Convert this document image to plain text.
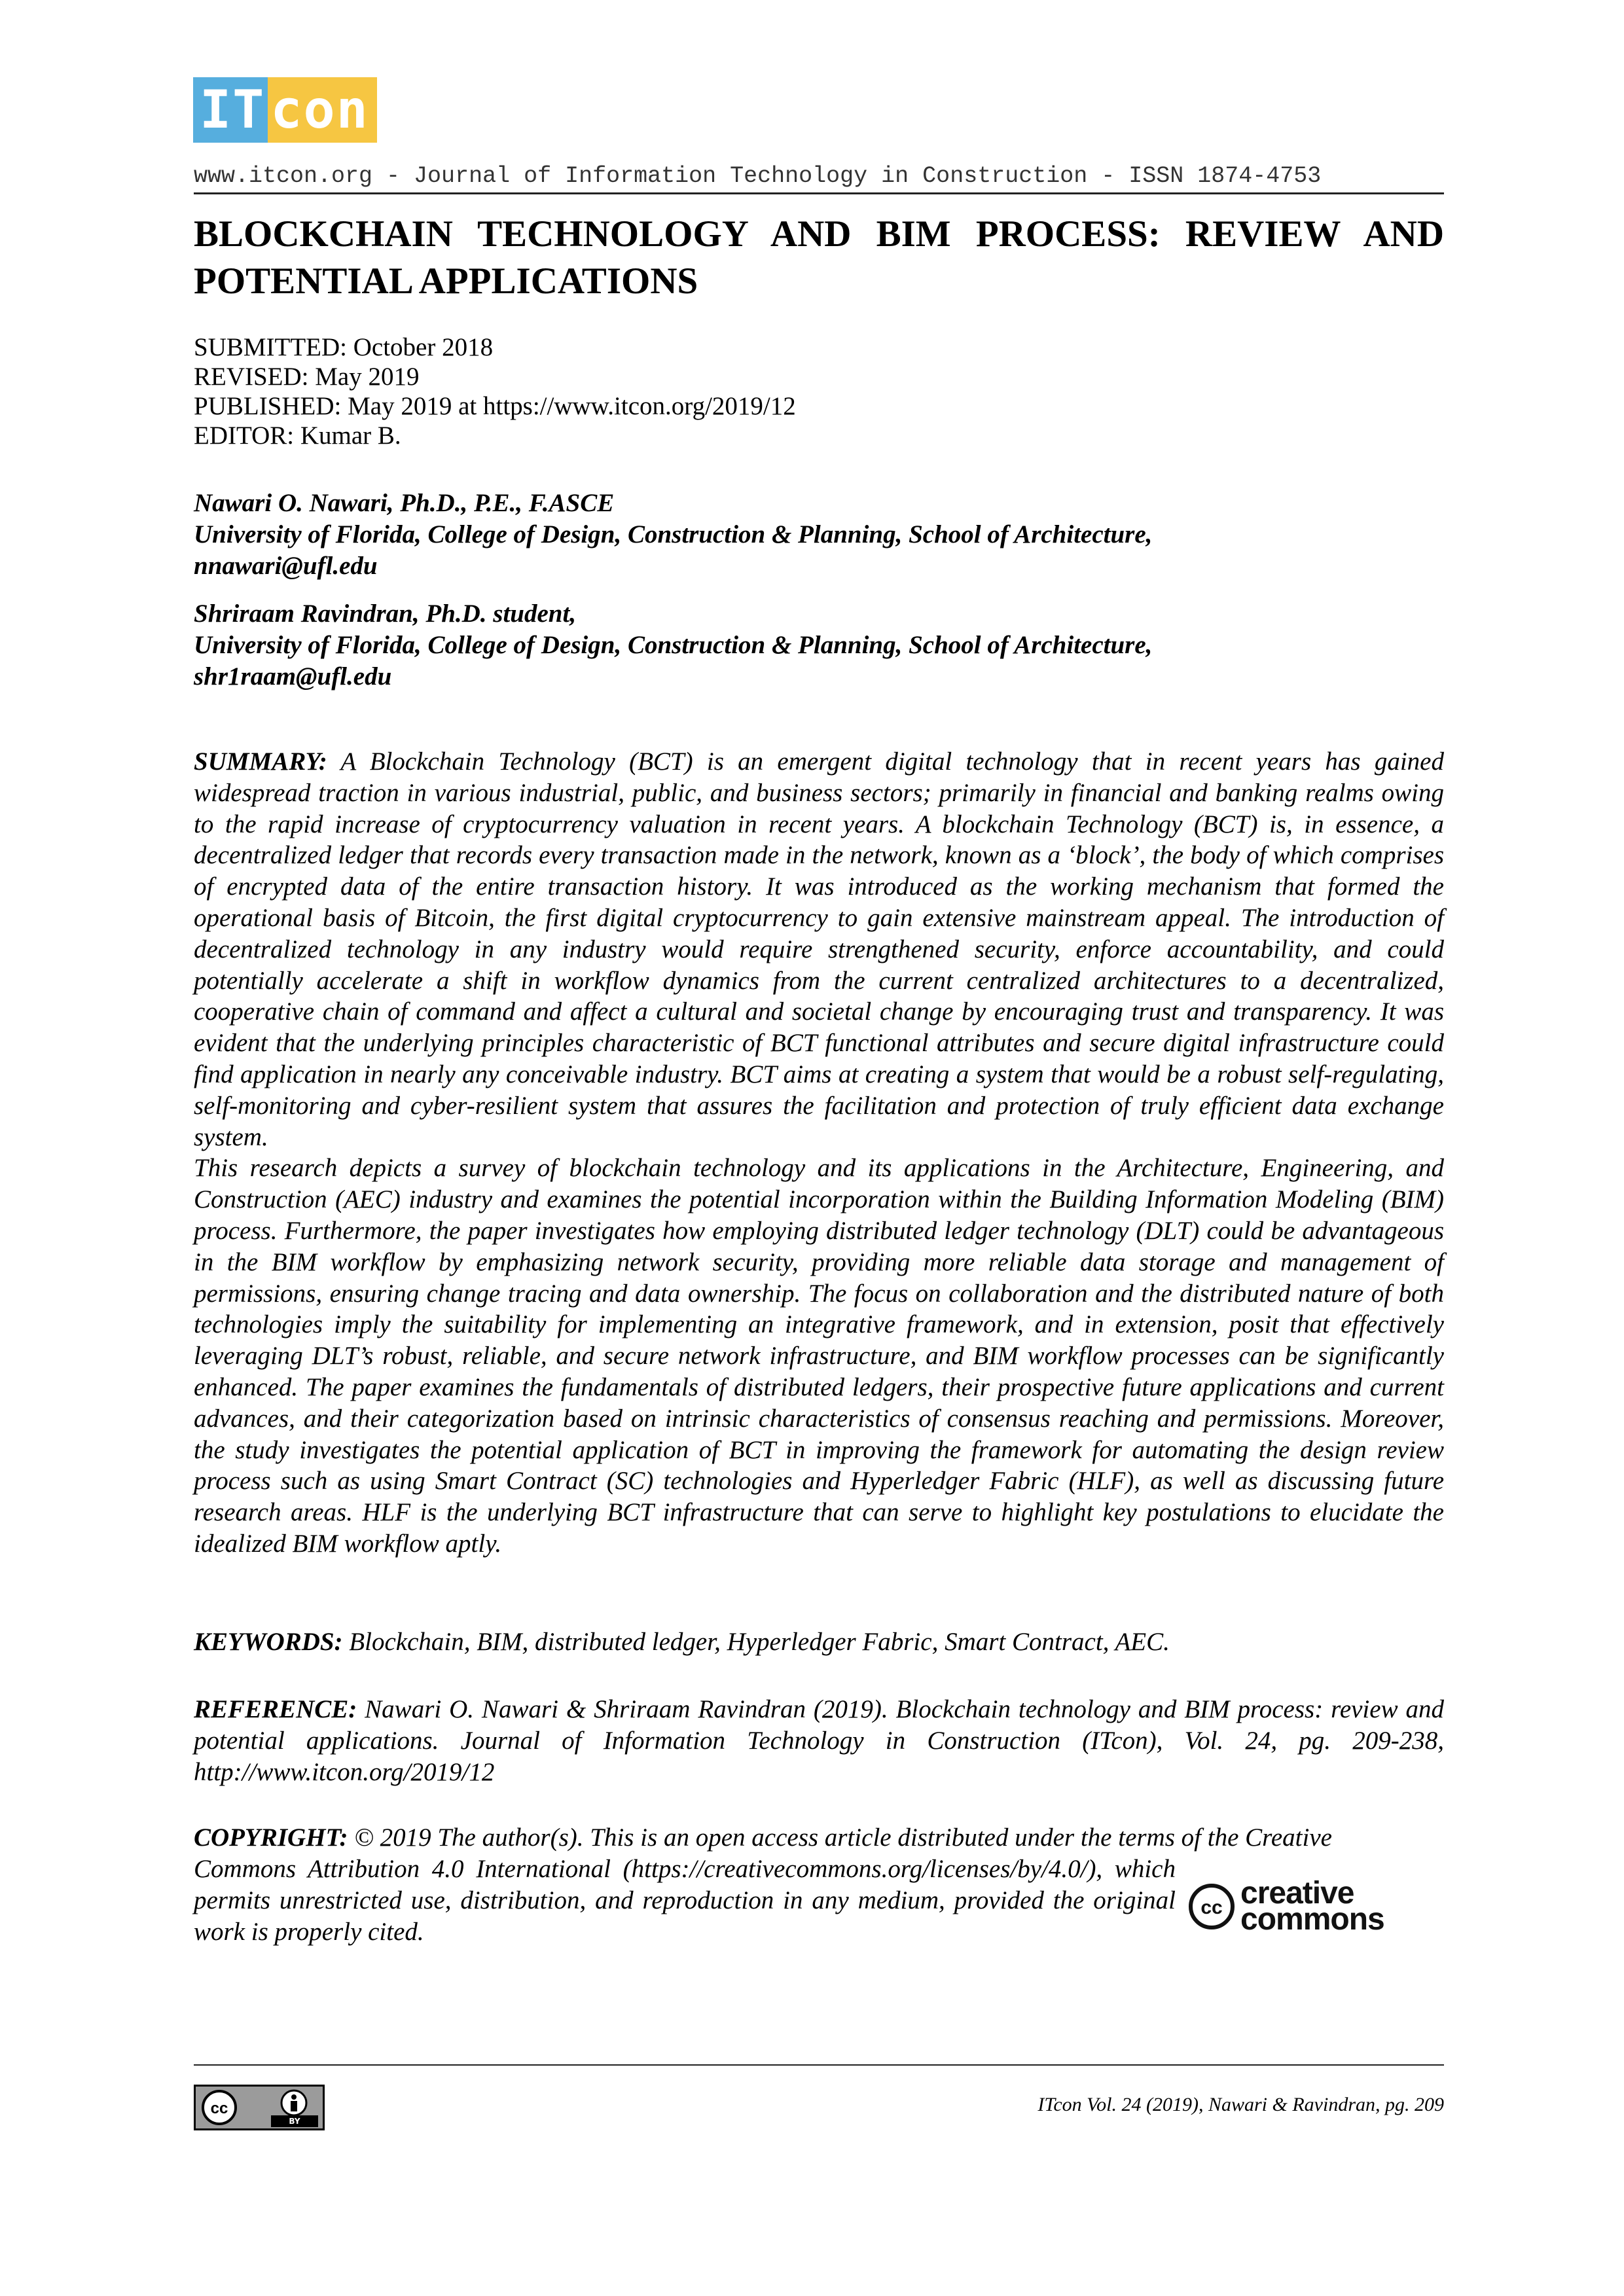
IT con
www.itcon.org - Journal of Information Technology in Construction - ISSN 1874-4753
BLOCKCHAIN TECHNOLOGY AND BIM PROCESS: REVIEW AND POTENTIAL APPLICATIONS
SUBMITTED: October 2018
REVISED: May 2019
PUBLISHED: May 2019 at https://www.itcon.org/2019/12
EDITOR: Kumar B.
Nawari O. Nawari, Ph.D., P.E., F.ASCE
University of Florida, College of Design, Construction & Planning, School of Architecture,
nnawari@ufl.edu
Shriraam Ravindran, Ph.D. student,
University of Florida, College of Design, Construction & Planning, School of Architecture,
shr1raam@ufl.edu

SUMMARY: A Blockchain Technology (BCT) is an emergent digital technology that in recent years has gained widespread traction in various industrial, public, and business sectors; primarily in financial and banking realms owing to the rapid increase of cryptocurrency valuation in recent years. A blockchain Technology (BCT) is, in essence, a decentralized ledger that records every transaction made in the network, known as a ‘block’, the body of which comprises of encrypted data of the entire transaction history. It was introduced as the working mechanism that formed the operational basis of Bitcoin, the first digital cryptocurrency to gain extensive mainstream appeal. The introduction of decentralized technology in any industry would require strengthened security, enforce accountability, and could potentially accelerate a shift in workflow dynamics from the current centralized architectures to a decentralized, cooperative chain of command and affect a cultural and societal change by encouraging trust and transparency. It was evident that the underlying principles characteristic of BCT functional attributes and secure digital infrastructure could find application in nearly any conceivable industry. BCT aims at creating a system that would be a robust self-regulating, self-monitoring and cyber-resilient system that assures the facilitation and protection of truly efficient data exchange system.

This research depicts a survey of blockchain technology and its applications in the Architecture, Engineering, and Construction (AEC) industry and examines the potential incorporation within the Building Information Modeling (BIM) process. Furthermore, the paper investigates how employing distributed ledger technology (DLT) could be advantageous in the BIM workflow by emphasizing network security, providing more reliable data storage and management of permissions, ensuring change tracing and data ownership. The focus on collaboration and the distributed nature of both technologies imply the suitability for implementing an integrative framework, and in extension, posit that effectively leveraging DLT’s robust, reliable, and secure network infrastructure, and BIM workflow processes can be significantly enhanced. The paper examines the fundamentals of distributed ledgers, their prospective future applications and current advances, and their categorization based on intrinsic characteristics of consensus reaching and permissions. Moreover, the study investigates the potential application of BCT in improving the framework for automating the design review process such as using Smart Contract (SC) technologies and Hyperledger Fabric (HLF), as well as discussing future research areas. HLF is the underlying BCT infrastructure that can serve to highlight key postulations to elucidate the idealized BIM workflow aptly.

KEYWORDS: Blockchain, BIM, distributed ledger, Hyperledger Fabric, Smart Contract, AEC.
REFERENCE: Nawari O. Nawari & Shriraam Ravindran (2019). Blockchain technology and BIM process: review and potential applications. Journal of Information Technology in Construction (ITcon), Vol. 24, pg. 209-238, http://www.itcon.org/2019/12
COPYRIGHT: © 2019 The author(s). This is an open access article distributed under the terms of the Creative
Commons Attribution 4.0 International (https://creativecommons.org/licenses/by/4.0/), which permits unrestricted use, distribution, and reproduction in any medium, provided the original work is properly cited.
cc creative
commons
cc
BY
ITcon Vol. 24 (2019), Nawari & Ravindran, pg. 209
